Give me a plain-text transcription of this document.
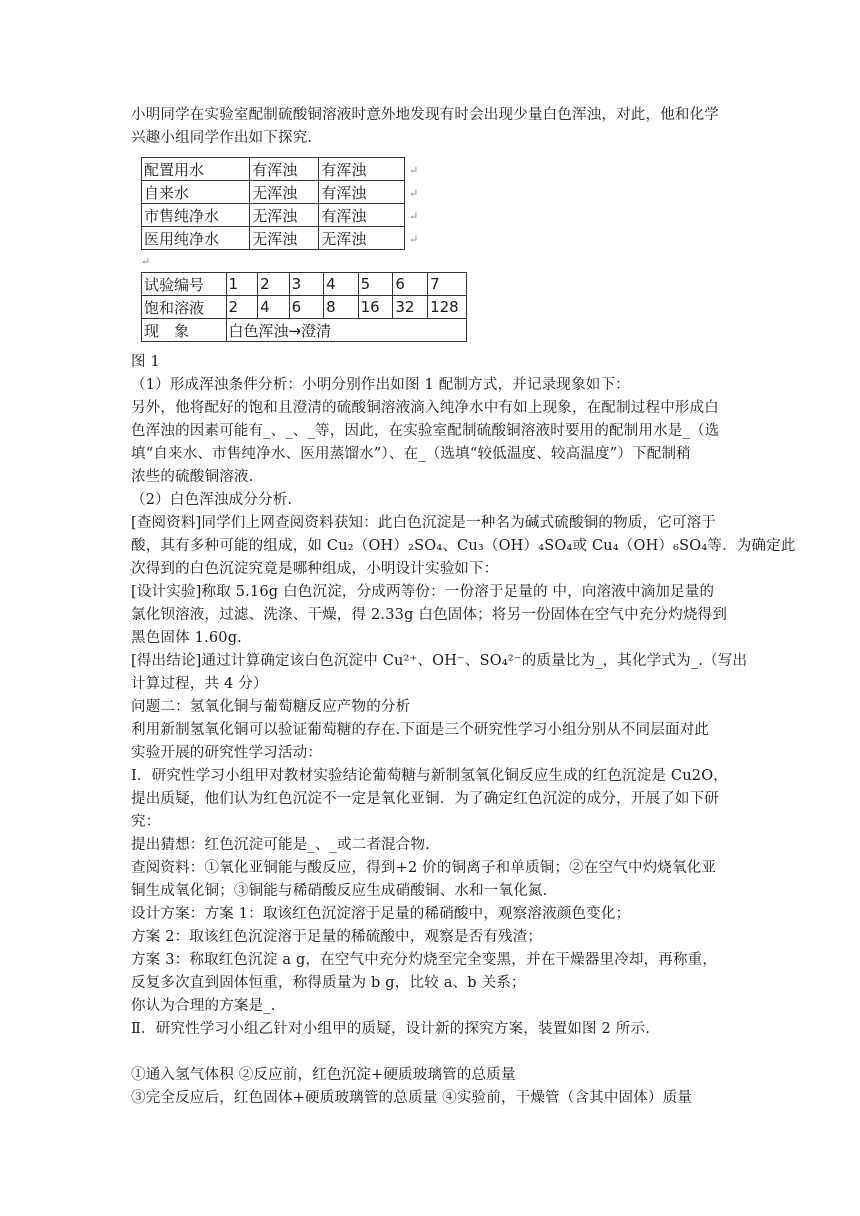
小明同学在实验室配制硫酸铜溶液时意外地发现有时会出现少量白色浑浊，对此，他和化学
兴趣小组同学作出如下探究.
配置用水	有浑浊	有浑浊
自来水	无浑浊	有浑浊
市售纯净水	无浑浊	有浑浊
医用纯净水	无浑浊	无浑浊
↵
↵
↵
↵
↵
试验编号	1	2	3	4	5	6	7
饱和溶液	2	4	6	8	16	32	128
现　象	白色浑浊→澄清						
图 1
（1）形成浑浊条件分析：小明分别作出如图 1 配制方式，并记录现象如下：
另外，他将配好的饱和且澄清的硫酸铜溶液滴入纯净水中有如上现象，在配制过程中形成白
色浑浊的因素可能有_、_、_等，因此，在实验室配制硫酸铜溶液时要用的配制用水是_（选
填“自来水、市售纯净水、医用蒸馏水”）、在_（选填“较低温度、较高温度”）下配制稍
浓些的硫酸铜溶液.
（2）白色浑浊成分分析.
[查阅资料]同学们上网查阅资料获知：此白色沉淀是一种名为碱式硫酸铜的物质，它可溶于
酸，其有多种可能的组成，如 Cu₂（OH）₂SO₄、Cu₃（OH）₄SO₄或 Cu₄（OH）₆SO₄等．为确定此
次得到的白色沉淀究竟是哪种组成，小明设计实验如下：
[设计实验]称取 5.16g 白色沉淀，分成两等份：一份溶于足量的 中，向溶液中滴加足量的
氯化钡溶液，过滤、洗涤、干燥，得 2.33g 白色固体；将另一份固体在空气中充分灼烧得到
黑色固体 1.60g.
[得出结论]通过计算确定该白色沉淀中 Cu²⁺、OH⁻、SO₄²⁻的质量比为_，其化学式为_.（写出
计算过程，共 4 分）
问题二：氢氧化铜与葡萄糖反应产物的分析
利用新制氢氧化铜可以验证葡萄糖的存在.下面是三个研究性学习小组分别从不同层面对此
实验开展的研究性学习活动：
Ⅰ．研究性学习小组甲对教材实验结论葡萄糖与新制氢氧化铜反应生成的红色沉淀是 Cu2O，
提出质疑，他们认为红色沉淀不一定是氧化亚铜．为了确定红色沉淀的成分，开展了如下研
究：
提出猜想：红色沉淀可能是_、_或二者混合物.
查阅资料：①氧化亚铜能与酸反应，得到+2 价的铜离子和单质铜；②在空气中灼烧氧化亚
铜生成氧化铜；③铜能与稀硝酸反应生成硝酸铜、水和一氧化氮.
设计方案：方案 1：取该红色沉淀溶于足量的稀硝酸中，观察溶液颜色变化；
方案 2：取该红色沉淀溶于足量的稀硫酸中，观察是否有残渣；
方案 3：称取红色沉淀 a g，在空气中充分灼烧至完全变黑，并在干燥器里冷却，再称重，
反复多次直到固体恒重，称得质量为 b g，比较 a、b 关系；
你认为合理的方案是_.
Ⅱ．研究性学习小组乙针对小组甲的质疑，设计新的探究方案，装置如图 2 所示.
①通入氢气体积 ②反应前，红色沉淀+硬质玻璃管的总质量
③完全反应后，红色固体+硬质玻璃管的总质量 ④实验前，干燥管（含其中固体）质量
